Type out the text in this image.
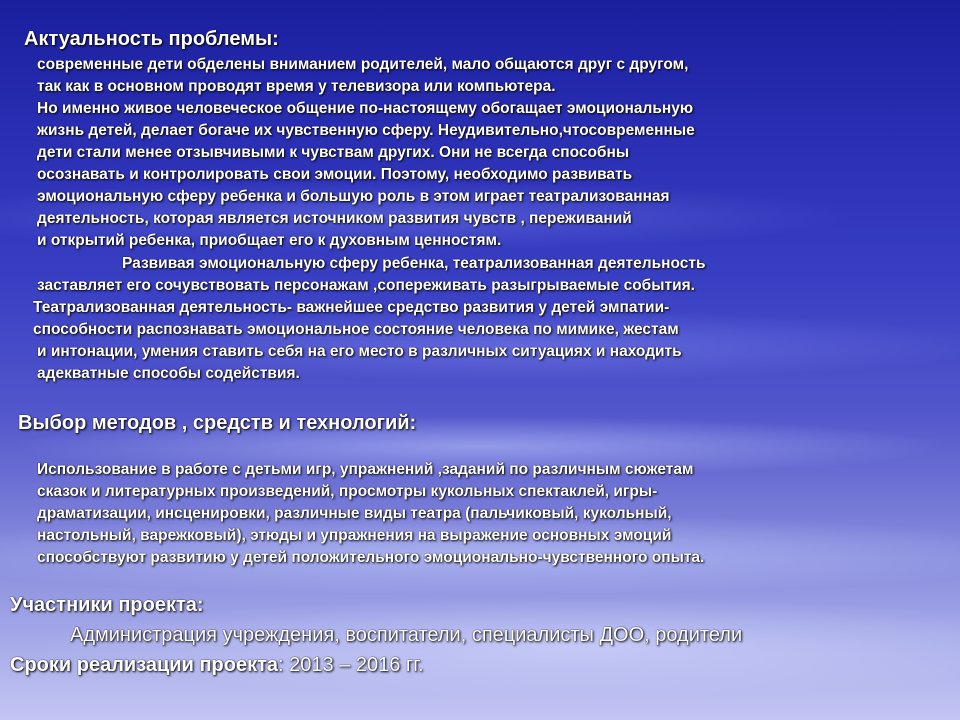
Актуальность проблемы:
современные дети обделены вниманием родителей, мало общаются друг с другом,
так как в основном проводят время у телевизора или компьютера.
Но именно живое человеческое общение по-настоящему обогащает эмоциональную
жизнь детей, делает богаче их чувственную сферу. Неудивительно,чтосовременные
дети стали менее отзывчивыми к чувствам других. Они не всегда способны
осознавать и контролировать свои эмоции. Поэтому, необходимо развивать
эмоциональную сферу ребенка и большую роль в этом играет театрализованная
деятельность, которая является источником развития чувств , переживаний
и открытий ребенка, приобщает его к духовным ценностям.
Развивая эмоциональную сферу ребенка, театрализованная деятельность
заставляет его сочувствовать персонажам ,сопереживать разыгрываемые события.
Театрализованная деятельность- важнейшее средство развития у детей эмпатии-
способности распознавать эмоциональное состояние человека по мимике, жестам
и интонации, умения ставить себя на его место в различных ситуациях и находить
адекватные способы содействия.
Выбор методов , средств и технологий:
Использование в работе с детьми игр, упражнений ,заданий по различным сюжетам
сказок и литературных произведений, просмотры кукольных спектаклей, игры-
драматизации, инсценировки, различные виды театра (пальчиковый, кукольный,
настольный, варежковый), этюды и упражнения на выражение основных эмоций
способствуют развитию у детей положительного эмоционально-чувственного опыта.
Участники проекта:
Администрация учреждения, воспитатели, специалисты ДОО, родители
Сроки реализации проекта: 2013 – 2016 гг.
